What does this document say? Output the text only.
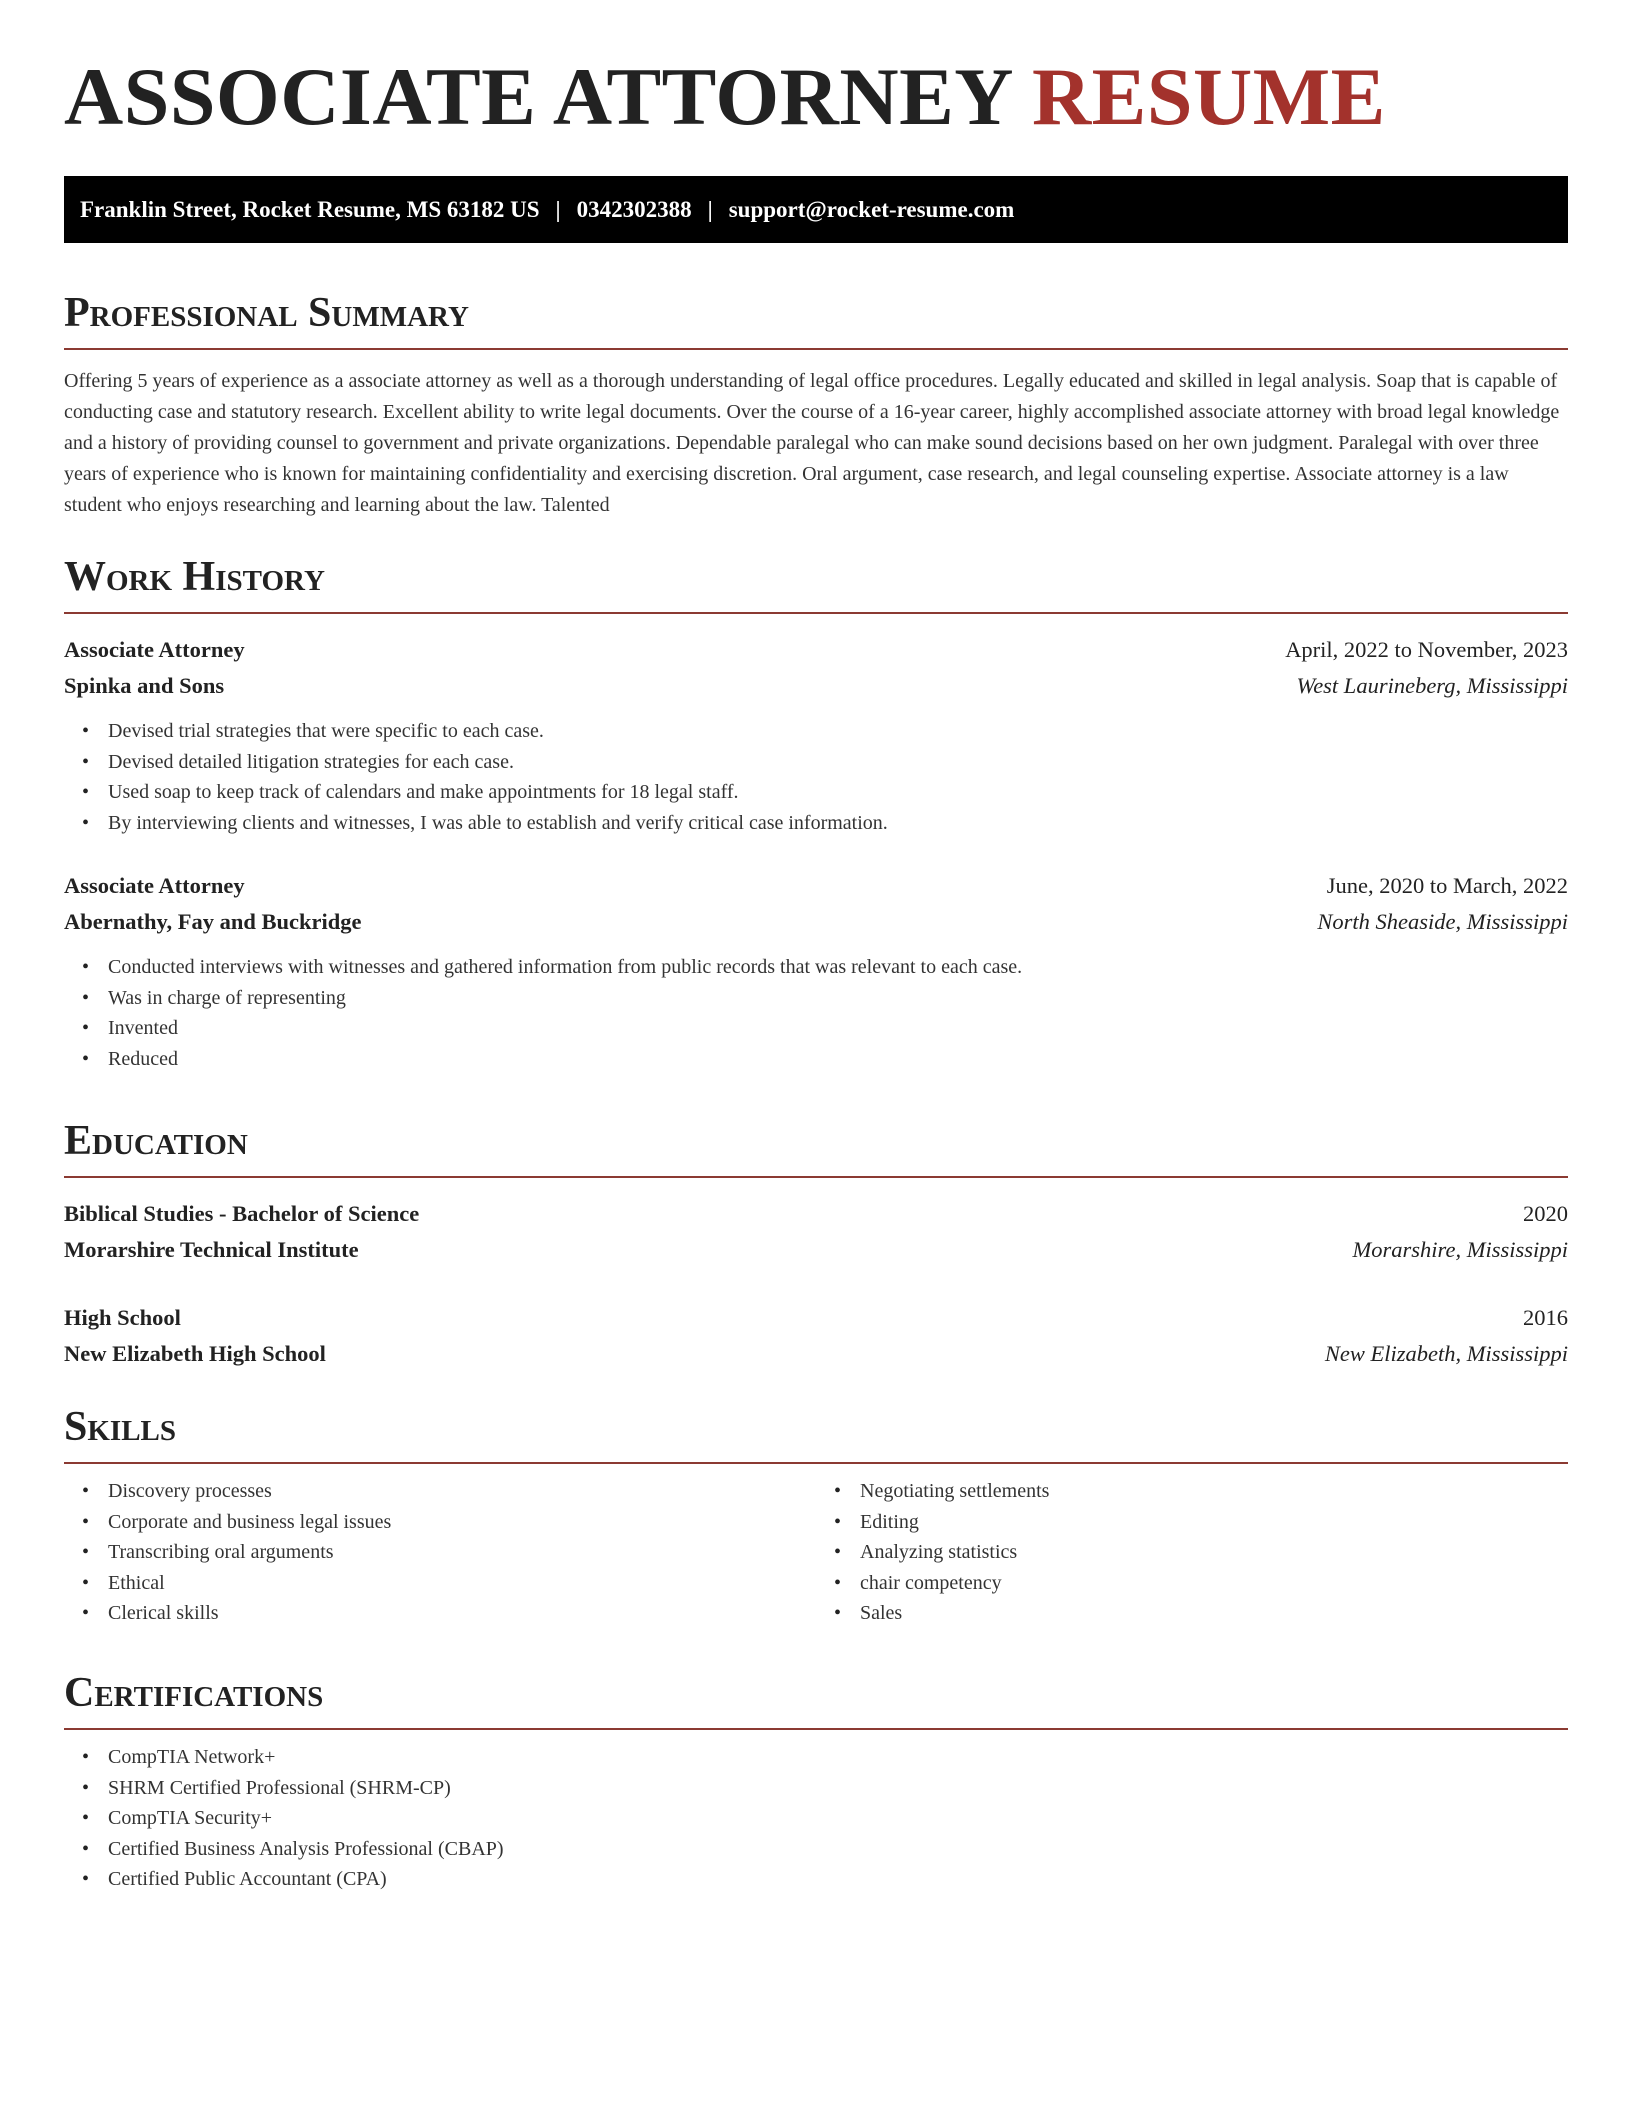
ASSOCIATE ATTORNEY RESUME
Franklin Street, Rocket Resume, MS 63182 US | 0342302388 | support@rocket-resume.com
Professional Summary

Offering 5 years of experience as a associate attorney as well as a thorough understanding of legal office procedures. Legally educated and skilled in legal analysis. Soap that is capable of conducting case and statutory research. Excellent ability to write legal documents. Over the course of a 16-year career, highly accomplished associate attorney with broad legal knowledge and a history of providing counsel to government and private organizations. Dependable paralegal who can make sound decisions based on her own judgment. Paralegal with over three years of experience who is known for maintaining confidentiality and exercising discretion. Oral argument, case research, and legal counseling expertise. Associate attorney is a law student who enjoys researching and learning about the law. Talented

Work History
Associate Attorney	April, 2022 to November, 2023
Spinka and Sons	West Laurineberg, Mississippi
• Devised trial strategies that were specific to each case.
• Devised detailed litigation strategies for each case.
• Used soap to keep track of calendars and make appointments for 18 legal staff.
• By interviewing clients and witnesses, I was able to establish and verify critical case information.
Associate Attorney	June, 2020 to March, 2022
Abernathy, Fay and Buckridge	North Sheaside, Mississippi
• Conducted interviews with witnesses and gathered information from public records that was relevant to each case.
• Was in charge of representing
• Invented
• Reduced
Education
Biblical Studies - Bachelor of Science	2020
Morarshire Technical Institute	Morarshire, Mississippi
High School	2016
New Elizabeth High School	New Elizabeth, Mississippi
Skills
• Discovery processes
• Corporate and business legal issues
• Transcribing oral arguments
• Ethical
• Clerical skills
• Negotiating settlements
• Editing
• Analyzing statistics
• chair competency
• Sales
Certifications
• CompTIA Network+
• SHRM Certified Professional (SHRM-CP)
• CompTIA Security+
• Certified Business Analysis Professional (CBAP)
• Certified Public Accountant (CPA)
